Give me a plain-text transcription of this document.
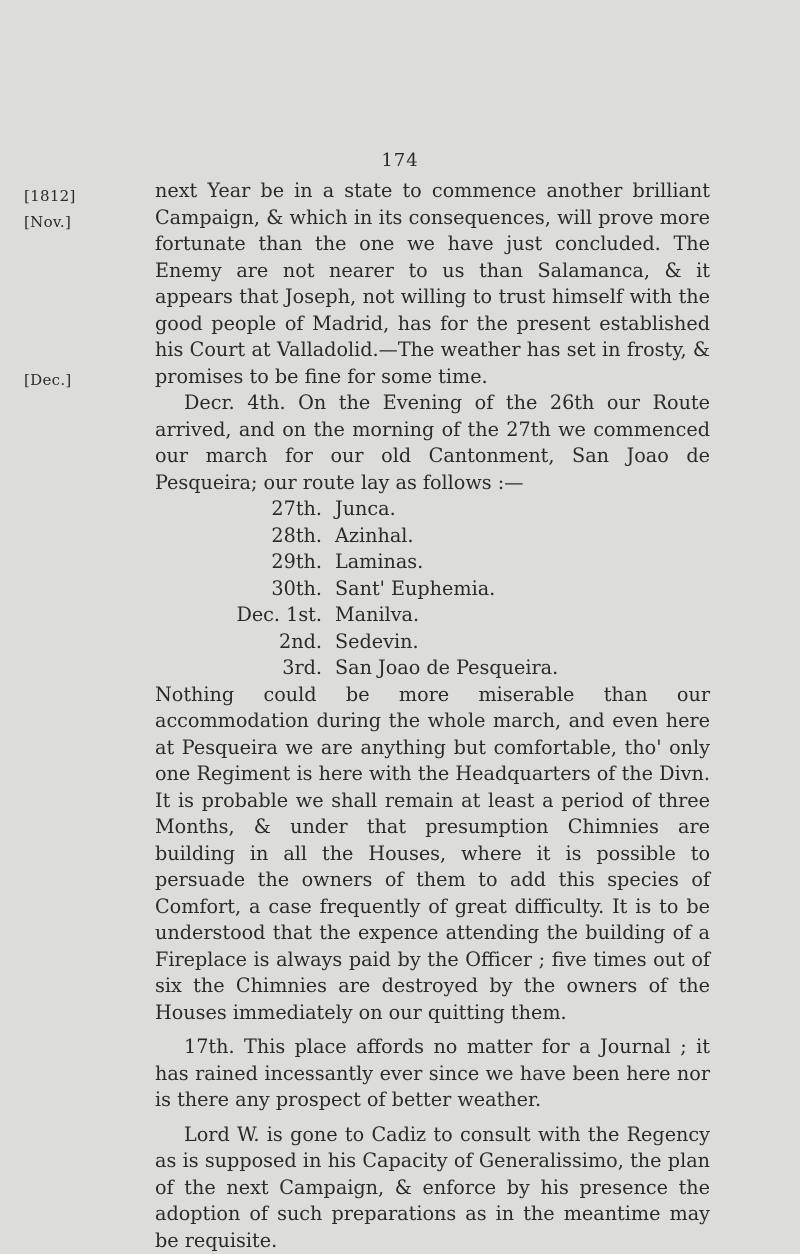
174
[1812]
[Nov.]
[Dec.]

next Year be in a state to commence another brilliant Campaign, & which in its consequences, will prove more fortunate than the one we have just concluded. The Enemy are not nearer to us than Salamanca, & it appears that Joseph, not willing to trust himself with the good people of Madrid, has for the present established his Court at Valladolid.—The weather has set in frosty, & promises to be fine for some time.

Decr. 4th. On the Evening of the 26th our Route arrived, and on the morning of the 27th we commenced our march for our old Cantonment, San Joao de Pesqueira; our route lay as follows :—

27th. Junca.
28th. Azinhal.
29th. Laminas.
30th. Sant' Euphemia.
Dec. 1st. Manilva.
2nd. Sedevin.
3rd. San Joao de Pesqueira.

Nothing could be more miserable than our accommodation during the whole march, and even here at Pesqueira we are anything but comfortable, tho' only one Regiment is here with the Headquarters of the Divn. It is probable we shall remain at least a period of three Months, & under that presumption Chimnies are building in all the Houses, where it is possible to persuade the owners of them to add this species of Comfort, a case frequently of great difficulty. It is to be understood that the expence attending the building of a Fireplace is always paid by the Officer ; five times out of six the Chimnies are destroyed by the owners of the Houses immediately on our quitting them.

17th. This place affords no matter for a Journal ; it has rained incessantly ever since we have been here nor is there any prospect of better weather.

Lord W. is gone to Cadiz to consult with the Regency as is supposed in his Capacity of Generalissimo, the plan of the next Campaign, & enforce by his presence the adoption of such preparations as in the meantime may be requisite.
